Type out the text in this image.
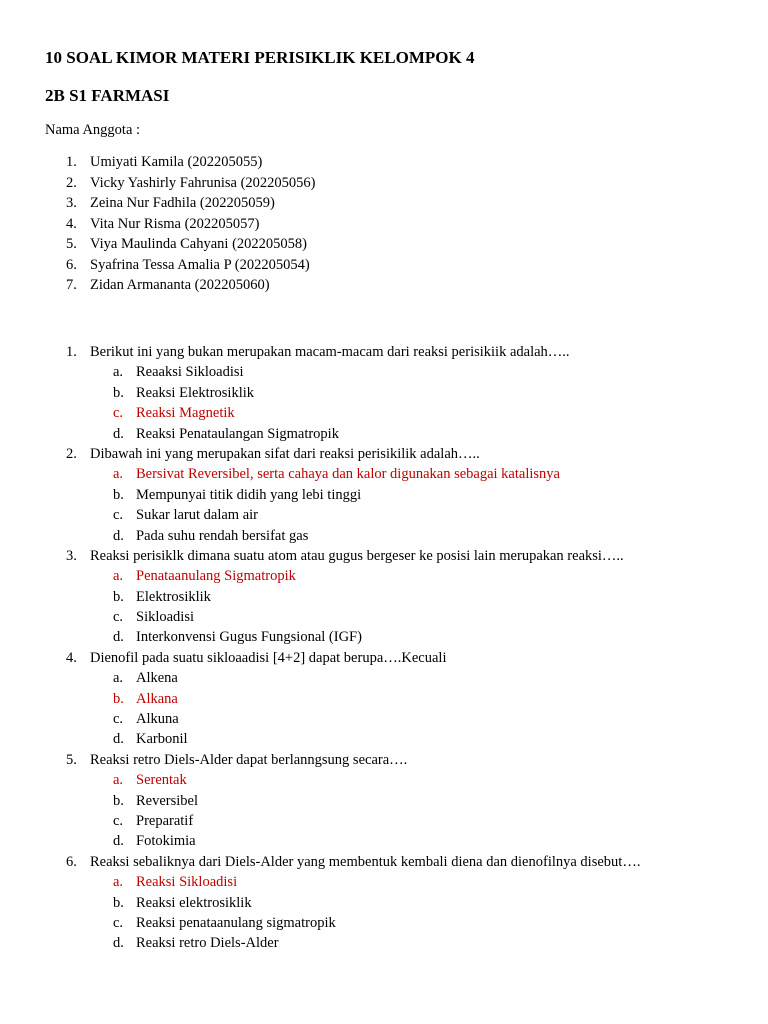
10 SOAL KIMOR MATERI PERISIKLIK KELOMPOK 4
2B S1 FARMASI
Nama Anggota :
1. Umiyati Kamila (202205055)
2. Vicky Yashirly Fahrunisa (202205056)
3. Zeina Nur Fadhila (202205059)
4. Vita Nur Risma (202205057)
5. Viya Maulinda Cahyani (202205058)
6. Syafrina Tessa Amalia P (202205054)
7. Zidan Armananta (202205060)
1. Berikut ini yang bukan merupakan macam-macam dari reaksi perisikiik adalah…..
a. Reaaksi Sikloadisi
b. Reaksi Elektrosiklik
c. Reaksi Magnetik
d. Reaksi Penataulangan Sigmatropik
2. Dibawah ini yang merupakan sifat dari reaksi perisikilik adalah…..
a. Bersivat Reversibel, serta cahaya dan kalor digunakan sebagai katalisnya
b. Mempunyai titik didih yang lebi tinggi
c. Sukar larut dalam air
d. Pada suhu rendah bersifat gas
3. Reaksi perisiklk dimana suatu atom atau gugus bergeser ke posisi lain merupakan reaksi…..
a. Penataanulang Sigmatropik
b. Elektrosiklik
c. Sikloadisi
d. Interkonvensi Gugus Fungsional (IGF)
4. Dienofil pada suatu sikloaadisi [4+2] dapat berupa….Kecuali
a. Alkena
b. Alkana
c. Alkuna
d. Karbonil
5. Reaksi retro Diels-Alder dapat berlanngsung secara….
a. Serentak
b. Reversibel
c. Preparatif
d. Fotokimia
6. Reaksi sebaliknya dari Diels-Alder yang membentuk kembali diena dan dienofilnya disebut….
a. Reaksi Sikloadisi
b. Reaksi elektrosiklik
c. Reaksi penataanulang sigmatropik
d. Reaksi retro Diels-Alder
